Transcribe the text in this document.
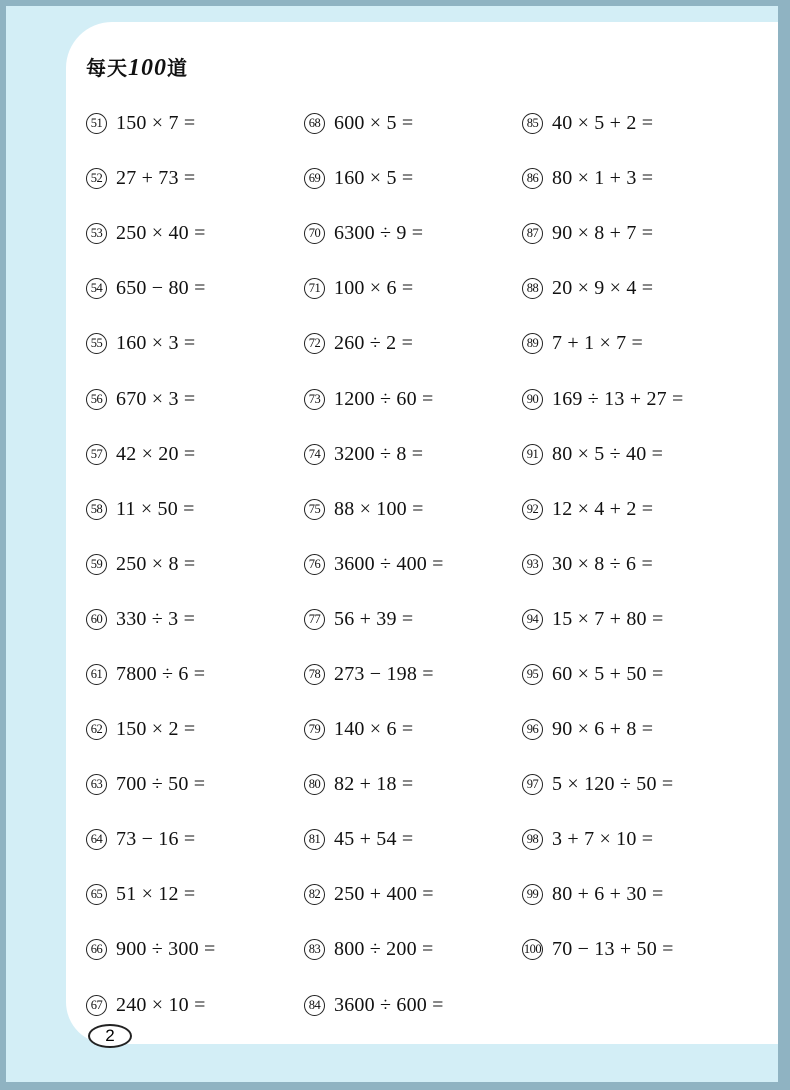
每天100道
51 150 × 7 =
52 27 + 73 =
53 250 × 40 =
54 650 − 80 =
55 160 × 3 =
56 670 × 3 =
57 42 × 20 =
58 11 × 50 =
59 250 × 8 =
60 330 ÷ 3 =
61 7800 ÷ 6 =
62 150 × 2 =
63 700 ÷ 50 =
64 73 − 16 =
65 51 × 12 =
66 900 ÷ 300 =
67 240 × 10 =
68 600 × 5 =
69 160 × 5 =
70 6300 ÷ 9 =
71 100 × 6 =
72 260 ÷ 2 =
73 1200 ÷ 60 =
74 3200 ÷ 8 =
75 88 × 100 =
76 3600 ÷ 400 =
77 56 + 39 =
78 273 − 198 =
79 140 × 6 =
80 82 + 18 =
81 45 + 54 =
82 250 + 400 =
83 800 ÷ 200 =
84 3600 ÷ 600 =
85 40 × 5 + 2 =
86 80 × 1 + 3 =
87 90 × 8 + 7 =
88 20 × 9 × 4 =
89 7 + 1 × 7 =
90 169 ÷ 13 + 27 =
91 80 × 5 ÷ 40 =
92 12 × 4 + 2 =
93 30 × 8 ÷ 6 =
94 15 × 7 + 80 =
95 60 × 5 + 50 =
96 90 × 6 + 8 =
97 5 × 120 ÷ 50 =
98 3 + 7 × 10 =
99 80 + 6 + 30 =
100 70 − 13 + 50 =
2
